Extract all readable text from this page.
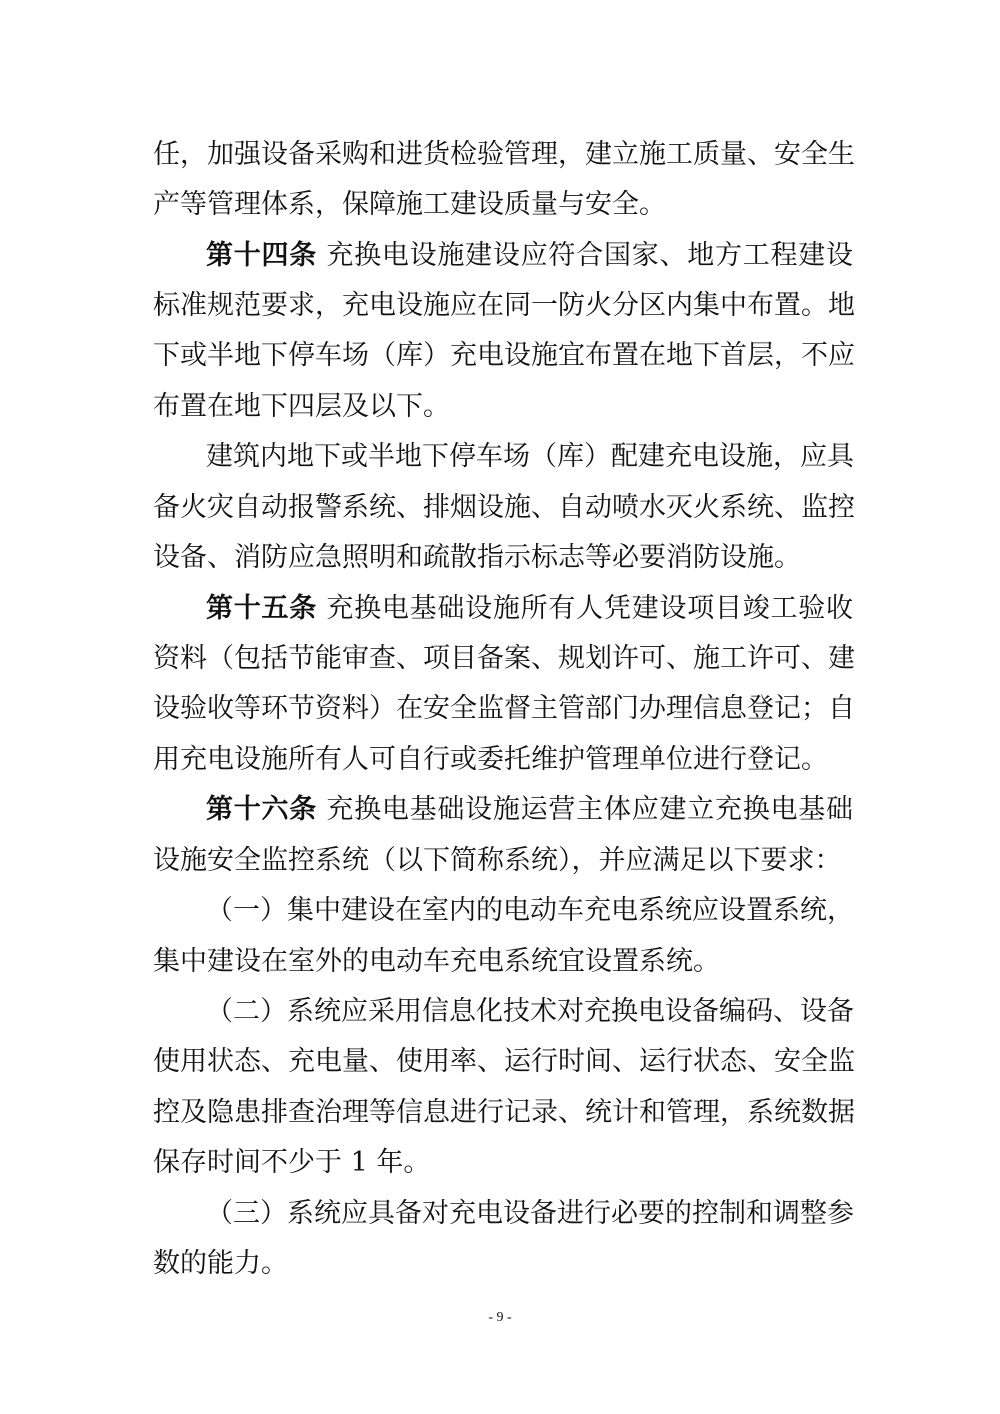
任，加强设备采购和进货检验管理，建立施工质量、安全生
产等管理体系，保障施工建设质量与安全。
第十四条 充换电设施建设应符合国家、地方工程建设
标准规范要求，充电设施应在同一防火分区内集中布置。地
下或半地下停车场（库）充电设施宜布置在地下首层，不应
布置在地下四层及以下。
建筑内地下或半地下停车场（库）配建充电设施，应具
备火灾自动报警系统、排烟设施、自动喷水灭火系统、监控
设备、消防应急照明和疏散指示标志等必要消防设施。
第十五条 充换电基础设施所有人凭建设项目竣工验收
资料（包括节能审查、项目备案、规划许可、施工许可、建
设验收等环节资料）在安全监督主管部门办理信息登记；自
用充电设施所有人可自行或委托维护管理单位进行登记。
第十六条 充换电基础设施运营主体应建立充换电基础
设施安全监控系统（以下简称系统），并应满足以下要求：
（一）集中建设在室内的电动车充电系统应设置系统，
集中建设在室外的电动车充电系统宜设置系统。
（二）系统应采用信息化技术对充换电设备编码、设备
使用状态、充电量、使用率、运行时间、运行状态、安全监
控及隐患排查治理等信息进行记录、统计和管理，系统数据
保存时间不少于 1 年。
（三）系统应具备对充电设备进行必要的控制和调整参
数的能力。
- 9 -
